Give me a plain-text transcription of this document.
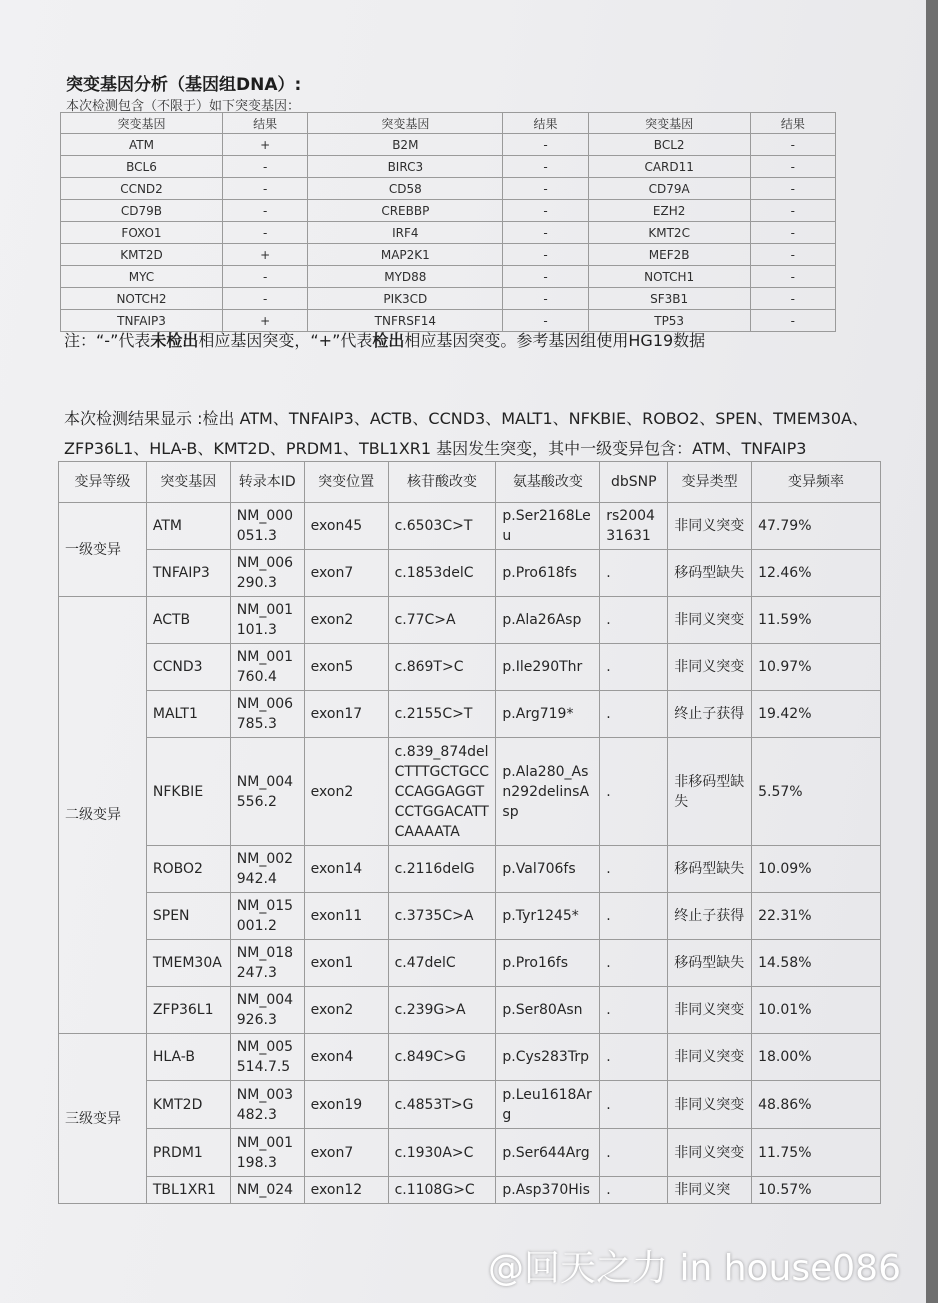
突变基因分析（基因组DNA）:
本次检测包含（不限于）如下突变基因：
突变基因	结果	突变基因	结果	突变基因	结果
ATM	+	B2M	-	BCL2	-
BCL6	-	BIRC3	-	CARD11	-
CCND2	-	CD58	-	CD79A	-
CD79B	-	CREBBP	-	EZH2	-
FOXO1	-	IRF4	-	KMT2C	-
KMT2D	+	MAP2K1	-	MEF2B	-
MYC	-	MYD88	-	NOTCH1	-
NOTCH2	-	PIK3CD	-	SF3B1	-
TNFAIP3	+	TNFRSF14	-	TP53	-
注：“-”代表未检出相应基因突变，“+”代表检出相应基因突变。参考基因组使用HG19数据
本次检测结果显示 :检出 ATM、TNFAIP3、ACTB、CCND3、MALT1、NFKBIE、ROBO2、SPEN、TMEM30A、ZFP36L1、HLA-B、KMT2D、PRDM1、TBL1XR1 基因发生突变，其中一级变异包含：ATM、TNFAIP3
变异等级	突变基因	转录本ID	突变位置	核苷酸改变	氨基酸改变	dbSNP	变异类型	变异频率
一级变异	ATM	NM_000051.3	exon45	c.6503C>T	p.Ser2168Leu	rs200431631	非同义突变	47.79%
	TNFAIP3	NM_006290.3	exon7	c.1853delC	p.Pro618fs	.	移码型缺失	12.46%
二级变异	ACTB	NM_001101.3	exon2	c.77C>A	p.Ala26Asp	.	非同义突变	11.59%
	CCND3	NM_001760.4	exon5	c.869T>C	p.Ile290Thr	.	非同义突变	10.97%
	MALT1	NM_006785.3	exon17	c.2155C>T	p.Arg719*	.	终止子获得	19.42%
	NFKBIE	NM_004556.2	exon2	c.839_874delCTTTGCTGCCCCAGGAGGTCCTGGACATTCAAAATA	p.Ala280_Asn292delinsAsp	.	非移码型缺失	5.57%
	ROBO2	NM_002942.4	exon14	c.2116delG	p.Val706fs	.	移码型缺失	10.09%
	SPEN	NM_015001.2	exon11	c.3735C>A	p.Tyr1245*	.	终止子获得	22.31%
	TMEM30A	NM_018247.3	exon1	c.47delC	p.Pro16fs	.	移码型缺失	14.58%
	ZFP36L1	NM_004926.3	exon2	c.239G>A	p.Ser80Asn	.	非同义突变	10.01%
三级变异	HLA-B	NM_005514.7.5	exon4	c.849C>G	p.Cys283Trp	.	非同义突变	18.00%
	KMT2D	NM_003482.3	exon19	c.4853T>G	p.Leu1618Arg	.	非同义突变	48.86%
	PRDM1	NM_001198.3	exon7	c.1930A>C	p.Ser644Arg	.	非同义突变	11.75%
	TBL1XR1	NM_024	exon12	c.1108G>C	p.Asp370His	.	非同义突	10.57%
@回天之力 in house086
